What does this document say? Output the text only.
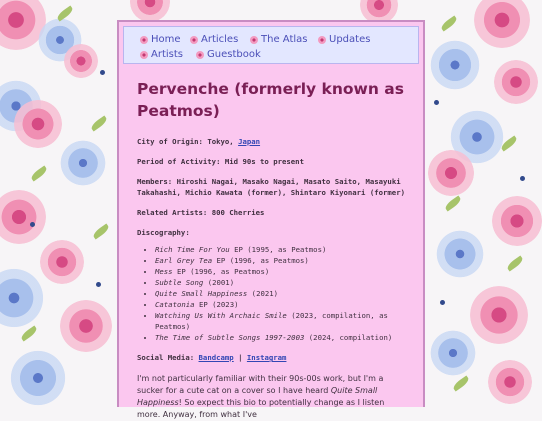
Home Articles The Atlas Updates
Artists Guestbook
Pervenche (formerly known as Peatmos)

City of Origin: Tokyo, Japan

Period of Activity: Mid 90s to present

Members: Hiroshi Nagai, Masako Nagai, Masato Saito, Masayuki Takahashi, Michio Kawata (former), Shintaro Kiyonari (former)

Related Artists: 800 Cherries

Discography:

• Rich Time For You EP (1995, as Peatmos)
• Earl Grey Tea EP (1996, as Peatmos)
• Mess EP (1996, as Peatmos)
• Subtle Song (2001)
• Quite Small Happiness (2021)
• Catatonia EP (2023)
• Watching Us With Archaic Smile (2023, compilation, as Peatmos)
• The Time of Subtle Songs 1997-2003 (2024, compilation)

Social Media: Bandcamp | Instagram

I'm not particularly familiar with their 90s-00s work, but I'm a sucker for a cute cat on a cover so I have heard Quite Small Happiness! So expect this bio to potentially change as I listen more. Anyway, from what I've
